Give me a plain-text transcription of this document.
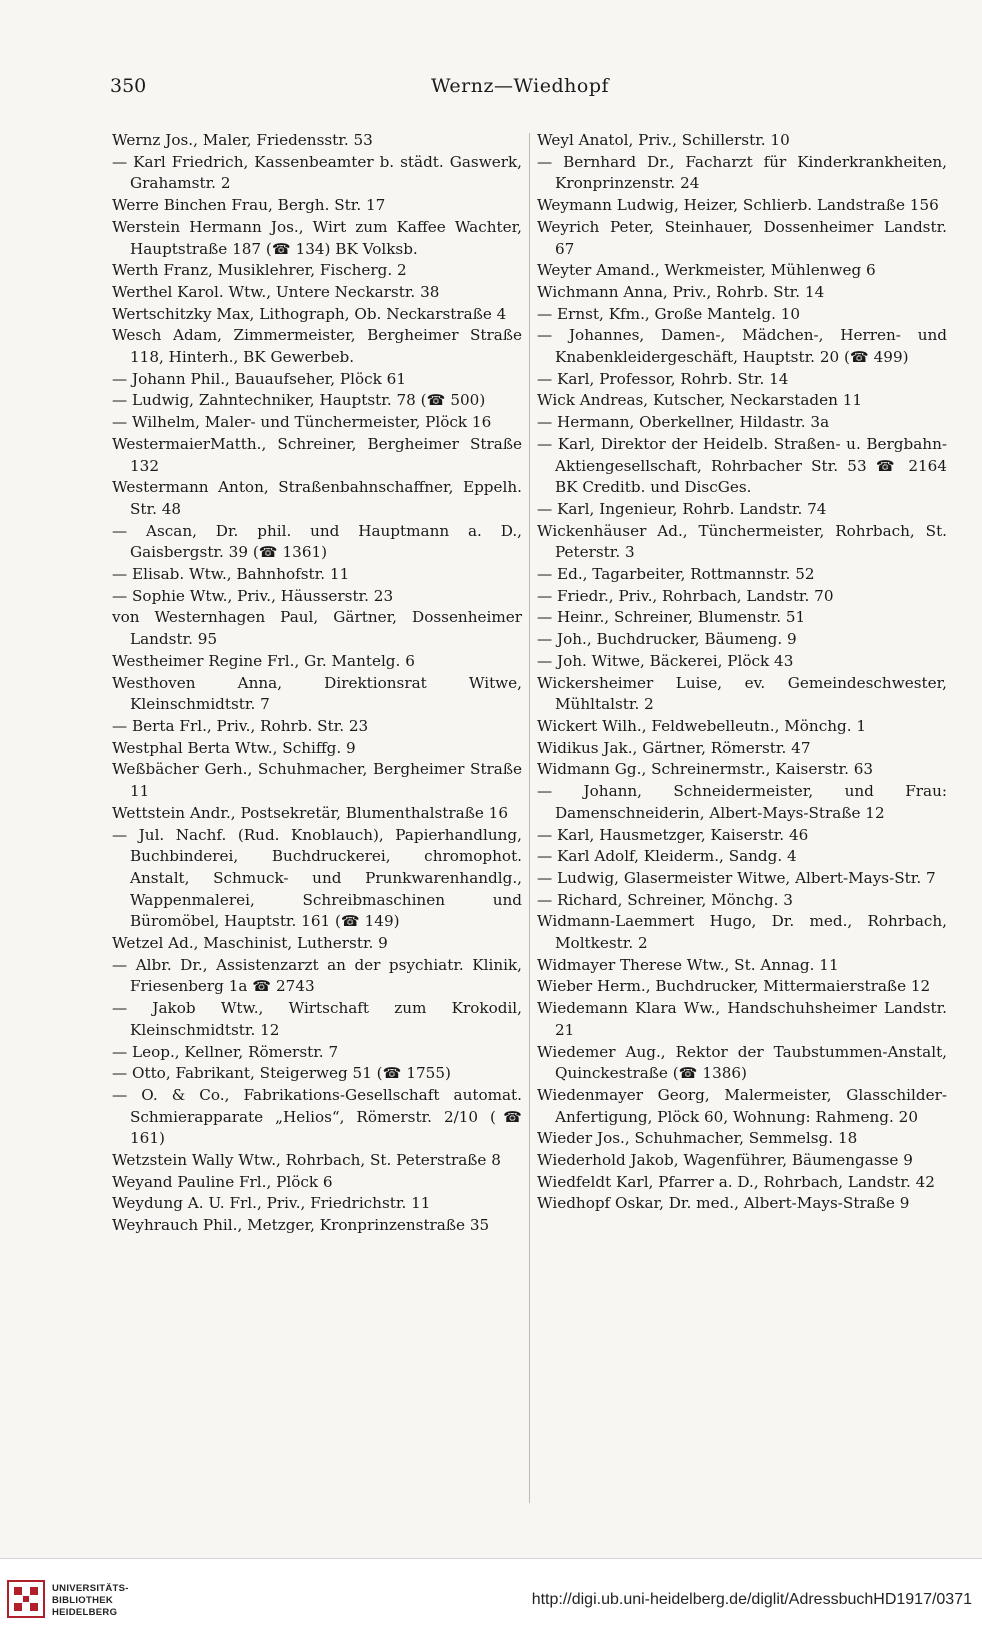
350	Wernz—Wiedhopf
Wernz Jos., Maler, Friedensstr. 53
— Karl Friedrich, Kassenbeamter b. städt. Gaswerk, Grahamstr. 2
Werre Binchen Frau, Bergh. Str. 17
Werstein Hermann Jos., Wirt zum Kaffee Wachter, Hauptstraße 187 (☎ 134) BK Volksb.
Werth Franz, Musiklehrer, Fischerg. 2
Werthel Karol. Wtw., Untere Neckarstr. 38
Wertschitzky Max, Lithograph, Ob. Neckarstraße 4
Wesch Adam, Zimmermeister, Bergheimer Straße 118, Hinterh., BK Gewerbeb.
— Johann Phil., Bauaufseher, Plöck 61
— Ludwig, Zahntechniker, Hauptstr. 78 (☎ 500)
— Wilhelm, Maler- und Tünchermeister, Plöck 16
WestermaierMatth., Schreiner, Bergheimer Straße 132
Westermann Anton, Straßenbahnschaffner, Eppelh. Str. 48
— Ascan, Dr. phil. und Hauptmann a. D., Gaisbergstr. 39 (☎ 1361)
— Elisab. Wtw., Bahnhofstr. 11
— Sophie Wtw., Priv., Häusserstr. 23
von Westernhagen Paul, Gärtner, Dossenheimer Landstr. 95
Westheimer Regine Frl., Gr. Mantelg. 6
Westhoven Anna, Direktionsrat Witwe, Kleinschmidtstr. 7
— Berta Frl., Priv., Rohrb. Str. 23
Westphal Berta Wtw., Schiffg. 9
Weßbächer Gerh., Schuhmacher, Bergheimer Straße 11
Wettstein Andr., Postsekretär, Blumenthalstraße 16
— Jul. Nachf. (Rud. Knoblauch), Papierhandlung, Buchbinderei, Buchdruckerei, chromophot. Anstalt, Schmuck- und Prunkwarenhandlg., Wappenmalerei, Schreibmaschinen und Büromöbel, Hauptstr. 161 (☎ 149)
Wetzel Ad., Maschinist, Lutherstr. 9
— Albr. Dr., Assistenzarzt an der psychiatr. Klinik, Friesenberg 1a ☎ 2743
— Jakob Wtw., Wirtschaft zum Krokodil, Kleinschmidtstr. 12
— Leop., Kellner, Römerstr. 7
— Otto, Fabrikant, Steigerweg 51 (☎ 1755)
— O. & Co., Fabrikations-Gesellschaft automat. Schmierapparate „Helios“, Römerstr. 2/10 (☎ 161)
Wetzstein Wally Wtw., Rohrbach, St. Peterstraße 8
Weyand Pauline Frl., Plöck 6
Weydung A. U. Frl., Priv., Friedrichstr. 11
Weyhrauch Phil., Metzger, Kronprinzenstraße 35
Weyl Anatol, Priv., Schillerstr. 10
— Bernhard Dr., Facharzt für Kinderkrankheiten, Kronprinzenstr. 24
Weymann Ludwig, Heizer, Schlierb. Landstraße 156
Weyrich Peter, Steinhauer, Dossenheimer Landstr. 67
Weyter Amand., Werkmeister, Mühlenweg 6
Wichmann Anna, Priv., Rohrb. Str. 14
— Ernst, Kfm., Große Mantelg. 10
— Johannes, Damen-, Mädchen-, Herren- und Knabenkleidergeschäft, Hauptstr. 20 (☎ 499)
— Karl, Professor, Rohrb. Str. 14
Wick Andreas, Kutscher, Neckarstaden 11
— Hermann, Oberkellner, Hildastr. 3a
— Karl, Direktor der Heidelb. Straßen- u. Bergbahn-Aktiengesellschaft, Rohrbacher Str. 53 ☎ 2164 BK Creditb. und DiscGes.
— Karl, Ingenieur, Rohrb. Landstr. 74
Wickenhäuser Ad., Tünchermeister, Rohrbach, St. Peterstr. 3
— Ed., Tagarbeiter, Rottmannstr. 52
— Friedr., Priv., Rohrbach, Landstr. 70
— Heinr., Schreiner, Blumenstr. 51
— Joh., Buchdrucker, Bäumeng. 9
— Joh. Witwe, Bäckerei, Plöck 43
Wickersheimer Luise, ev. Gemeindeschwester, Mühltalstr. 2
Wickert Wilh., Feldwebelleutn., Mönchg. 1
Widikus Jak., Gärtner, Römerstr. 47
Widmann Gg., Schreinermstr., Kaiserstr. 63
— Johann, Schneidermeister, und Frau: Damenschneiderin, Albert-Mays-Straße 12
— Karl, Hausmetzger, Kaiserstr. 46
— Karl Adolf, Kleiderm., Sandg. 4
— Ludwig, Glasermeister Witwe, Albert-Mays-Str. 7
— Richard, Schreiner, Mönchg. 3
Widmann-Laemmert Hugo, Dr. med., Rohrbach, Moltkestr. 2
Widmayer Therese Wtw., St. Annag. 11
Wieber Herm., Buchdrucker, Mittermaierstraße 12
Wiedemann Klara Ww., Handschuhsheimer Landstr. 21
Wiedemer Aug., Rektor der Taubstummen-Anstalt, Quinckestraße (☎ 1386)
Wiedenmayer Georg, Malermeister, Glasschilder-Anfertigung, Plöck 60, Wohnung: Rahmeng. 20
Wieder Jos., Schuhmacher, Semmelsg. 18
Wiederhold Jakob, Wagenführer, Bäumengasse 9
Wiedfeldt Karl, Pfarrer a. D., Rohrbach, Landstr. 42
Wiedhopf Oskar, Dr. med., Albert-Mays-Straße 9
UNIVERSITÄTS-
BIBLIOTHEK
HEIDELBERG
http://digi.ub.uni-heidelberg.de/diglit/AdressbuchHD1917/0371
